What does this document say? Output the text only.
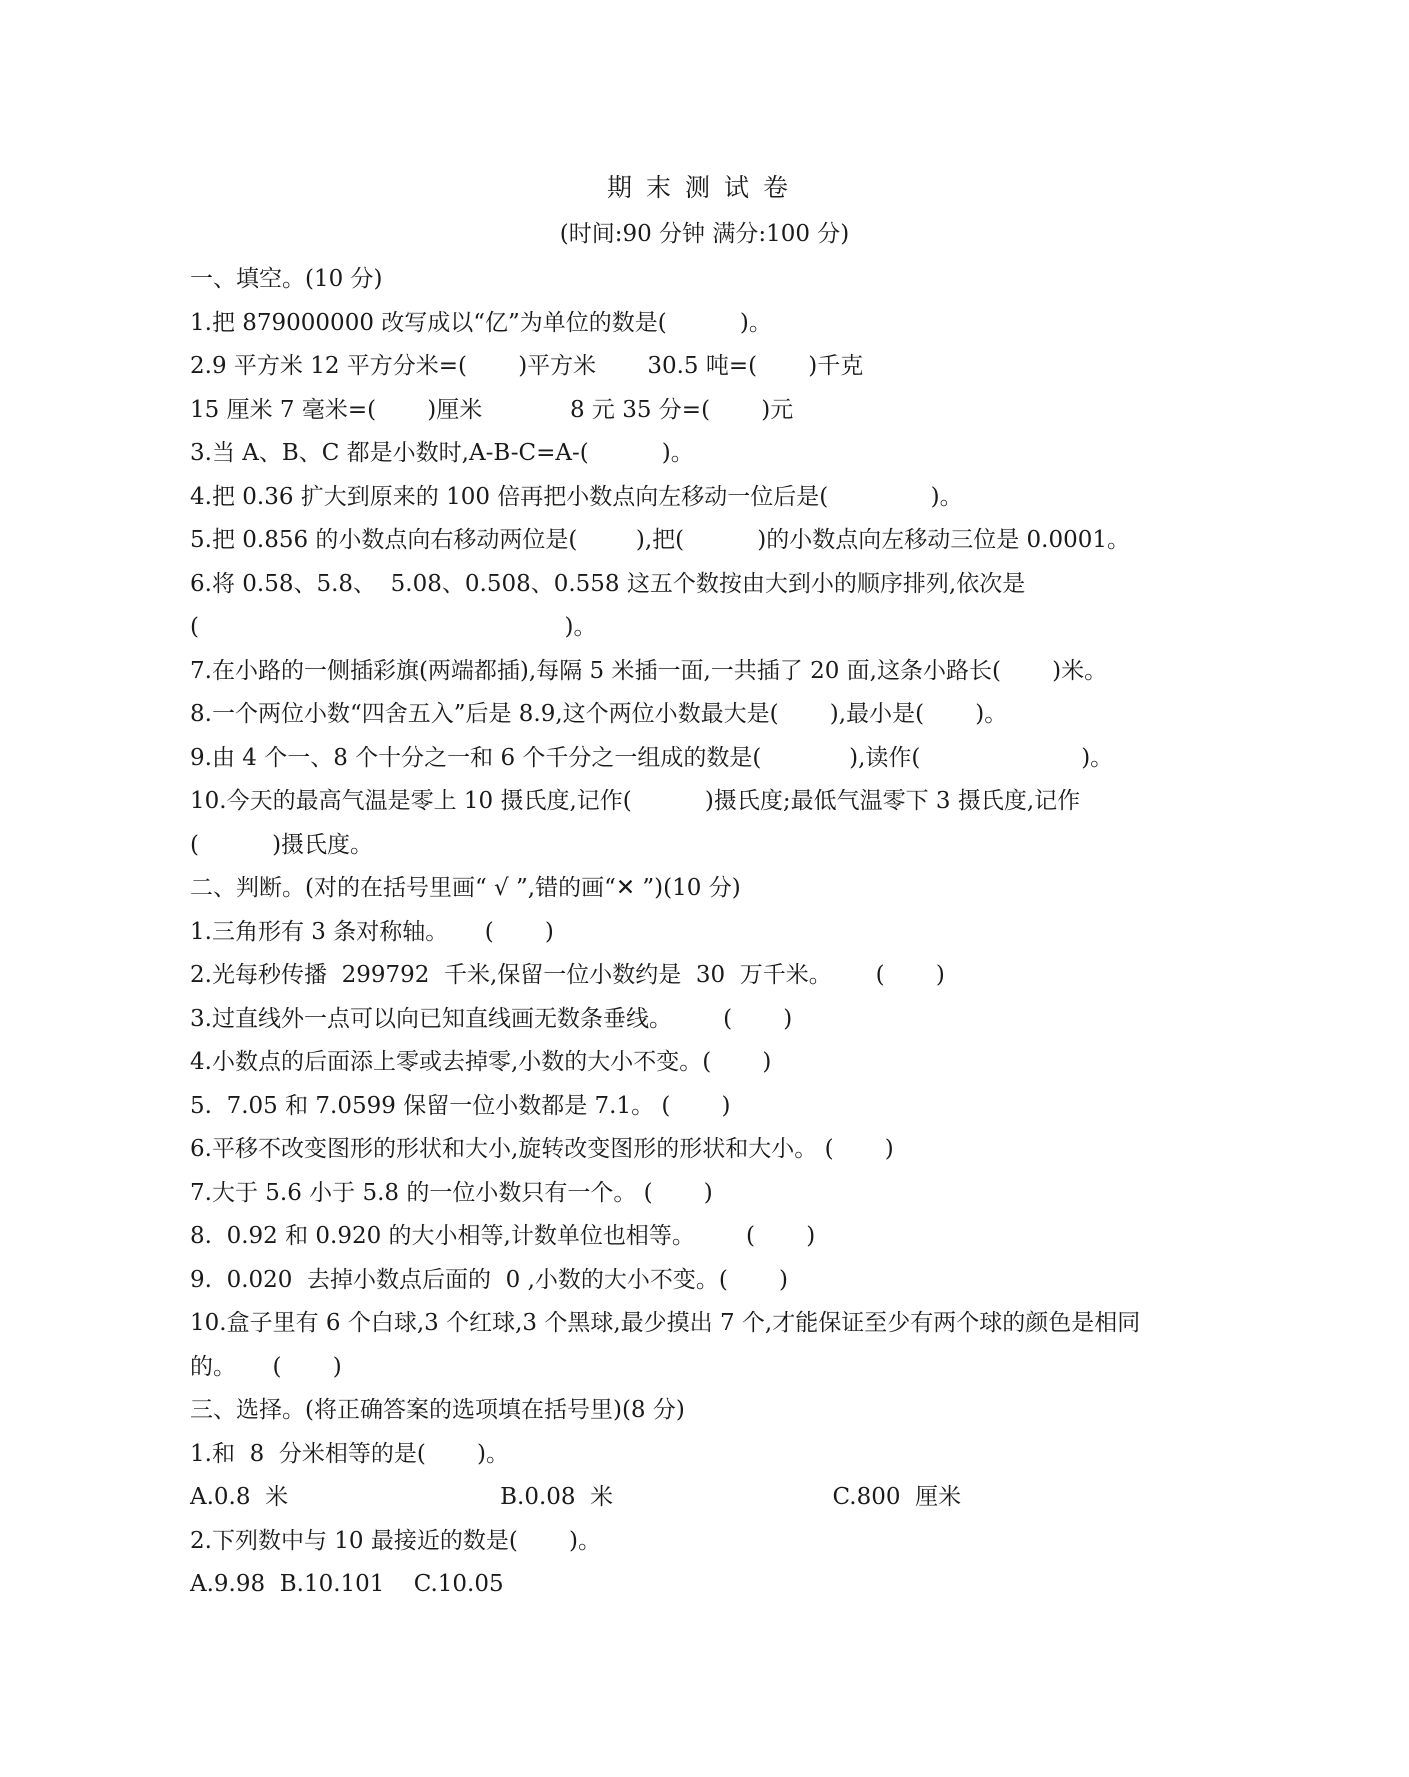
期末测试卷
(时间:90 分钟 满分:100 分)
一、填空。(10 分)
1.把 879000000 改写成以“亿”为单位的数是(          )。
2.9 平方米 12 平方分米=(       )平方米       30.5 吨=(       )千克
15 厘米 7 毫米=(       )厘米            8 元 35 分=(       )元
3.当 A、B、C 都是小数时,A-B-C=A-(          )。
4.把 0.36 扩大到原来的 100 倍再把小数点向左移动一位后是(              )。
5.把 0.856 的小数点向右移动两位是(        ),把(          )的小数点向左移动三位是 0.0001。
6.将 0.58、5.8、  5.08、0.508、0.558 这五个数按由大到小的顺序排列,依次是
(                                                  )。
7.在小路的一侧插彩旗(两端都插),每隔 5 米插一面,一共插了 20 面,这条小路长(       )米。
8.一个两位小数“四舍五入”后是 8.9,这个两位小数最大是(       ),最小是(       )。
9.由 4 个一、8 个十分之一和 6 个千分之一组成的数是(            ),读作(                      )。
10.今天的最高气温是零上 10 摄氏度,记作(          )摄氏度;最低气温零下 3 摄氏度,记作
(          )摄氏度。
二、判断。(对的在括号里画“ √ ”,错的画“✕ ”)(10 分)
1.三角形有 3 条对称轴。     (       )
2.光每秒传播  299792  千米,保留一位小数约是  30  万千米。      (       )
3.过直线外一点可以向已知直线画无数条垂线。       (       )
4.小数点的后面添上零或去掉零,小数的大小不变。(       )
5.  7.05 和 7.0599 保留一位小数都是 7.1。 (       )
6.平移不改变图形的形状和大小,旋转改变图形的形状和大小。 (       )
7.大于 5.6 小于 5.8 的一位小数只有一个。 (       )
8.  0.92 和 0.920 的大小相等,计数单位也相等。       (       )
9.  0.020  去掉小数点后面的  0 ,小数的大小不变。(       )
10.盒子里有 6 个白球,3 个红球,3 个黑球,最少摸出 7 个,才能保证至少有两个球的颜色是相同
的。     (       )
三、选择。(将正确答案的选项填在括号里)(8 分)
1.和  8  分米相等的是(       )。
A.0.8  米                             B.0.08  米                              C.800  厘米
2.下列数中与 10 最接近的数是(       )。
A.9.98  B.10.101    C.10.05
